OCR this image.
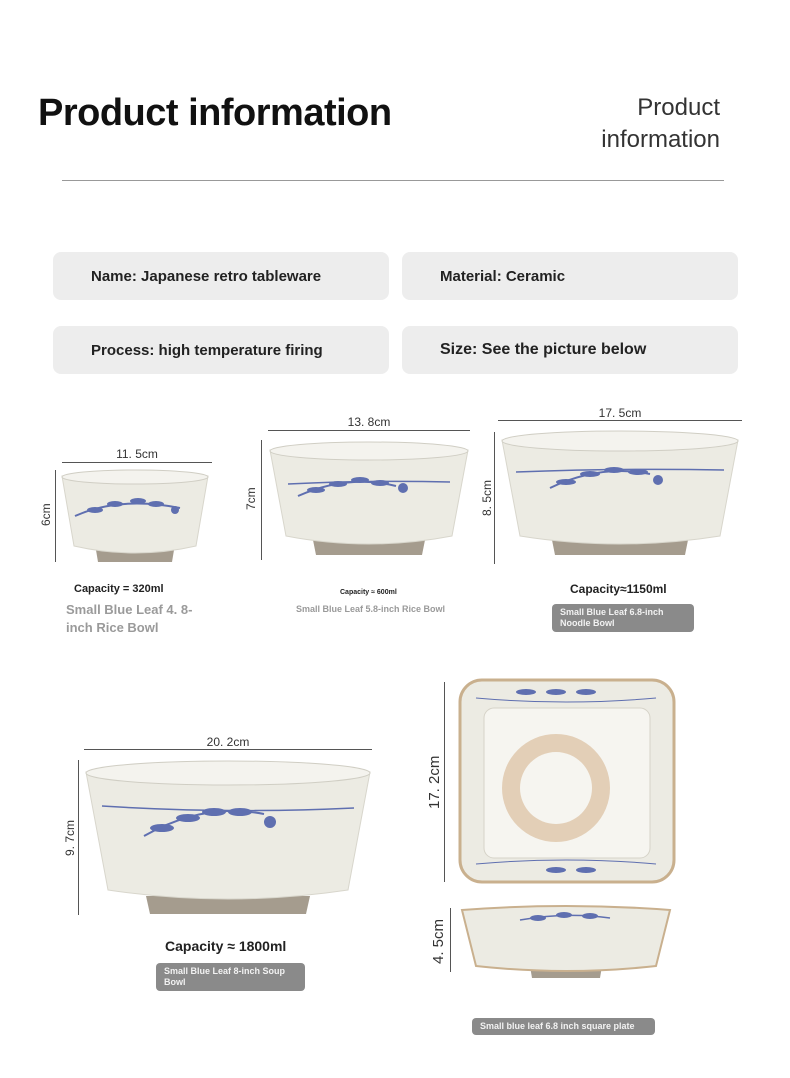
Product information	Product
information
Name: Japanese retro tableware	Material: Ceramic
Process: high temperature firing	Size: See the picture below
11. 5cm
6cm
Capacity = 320ml
Small Blue Leaf 4. 8-inch Rice Bowl
13. 8cm
7cm
Capacity ≈ 600ml
Small Blue Leaf 5.8-inch Rice Bowl
17. 5cm
8. 5cm
Capacity≈1150ml
Small Blue Leaf 6.8-inch Noodle Bowl
20. 2cm
9. 7cm
Capacity ≈ 1800ml
Small Blue Leaf 8-inch Soup Bowl
17. 2cm
4. 5cm
Small blue leaf 6.8 inch square plate
